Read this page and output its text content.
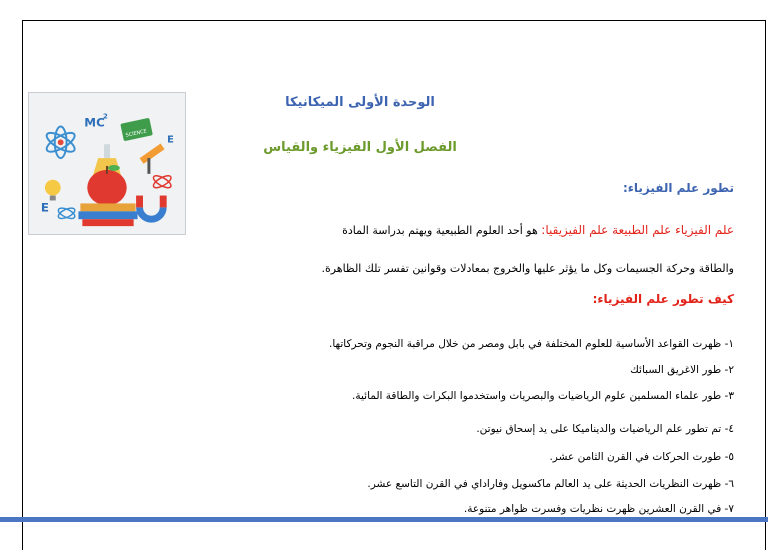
MC
2
SCIENCE
E
E
الوحدة الأولى الميكانيكا
الفصل الأول الفيزياء والقياس
تطور علم الفيزياء:
علم الفيزياء علم الطبيعة علم الفيزيقيا: هو أحد العلوم الطبيعية ويهتم بدراسة المادة
والطاقة وحركة الجسيمات وكل ما يؤثر عليها والخروج بمعادلات وقوانين تفسر تلك الظاهرة.
كيف تطور علم الفيزياء:
١- ظهرت القواعد الأساسية للعلوم المختلفة في بابل ومصر من خلال مراقبة النجوم وتحركاتها.
٢- طور الاغريق السبائك
٣- طور علماء المسلمين علوم الرياضيات والبصريات واستخدموا البكرات والطاقة المائية.
٤- تم تطور علم الرياضيات والديناميكا على يد إسحاق نيوتن.
٥- طورت الحركات في القرن الثامن عشر.
٦- ظهرت النظريات الحديثة على يد العالم ماكسويل وفاراداي في القرن التاسع عشر.
٧- في القرن العشرين ظهرت نظريات وفسرت ظواهر متنوعة.
